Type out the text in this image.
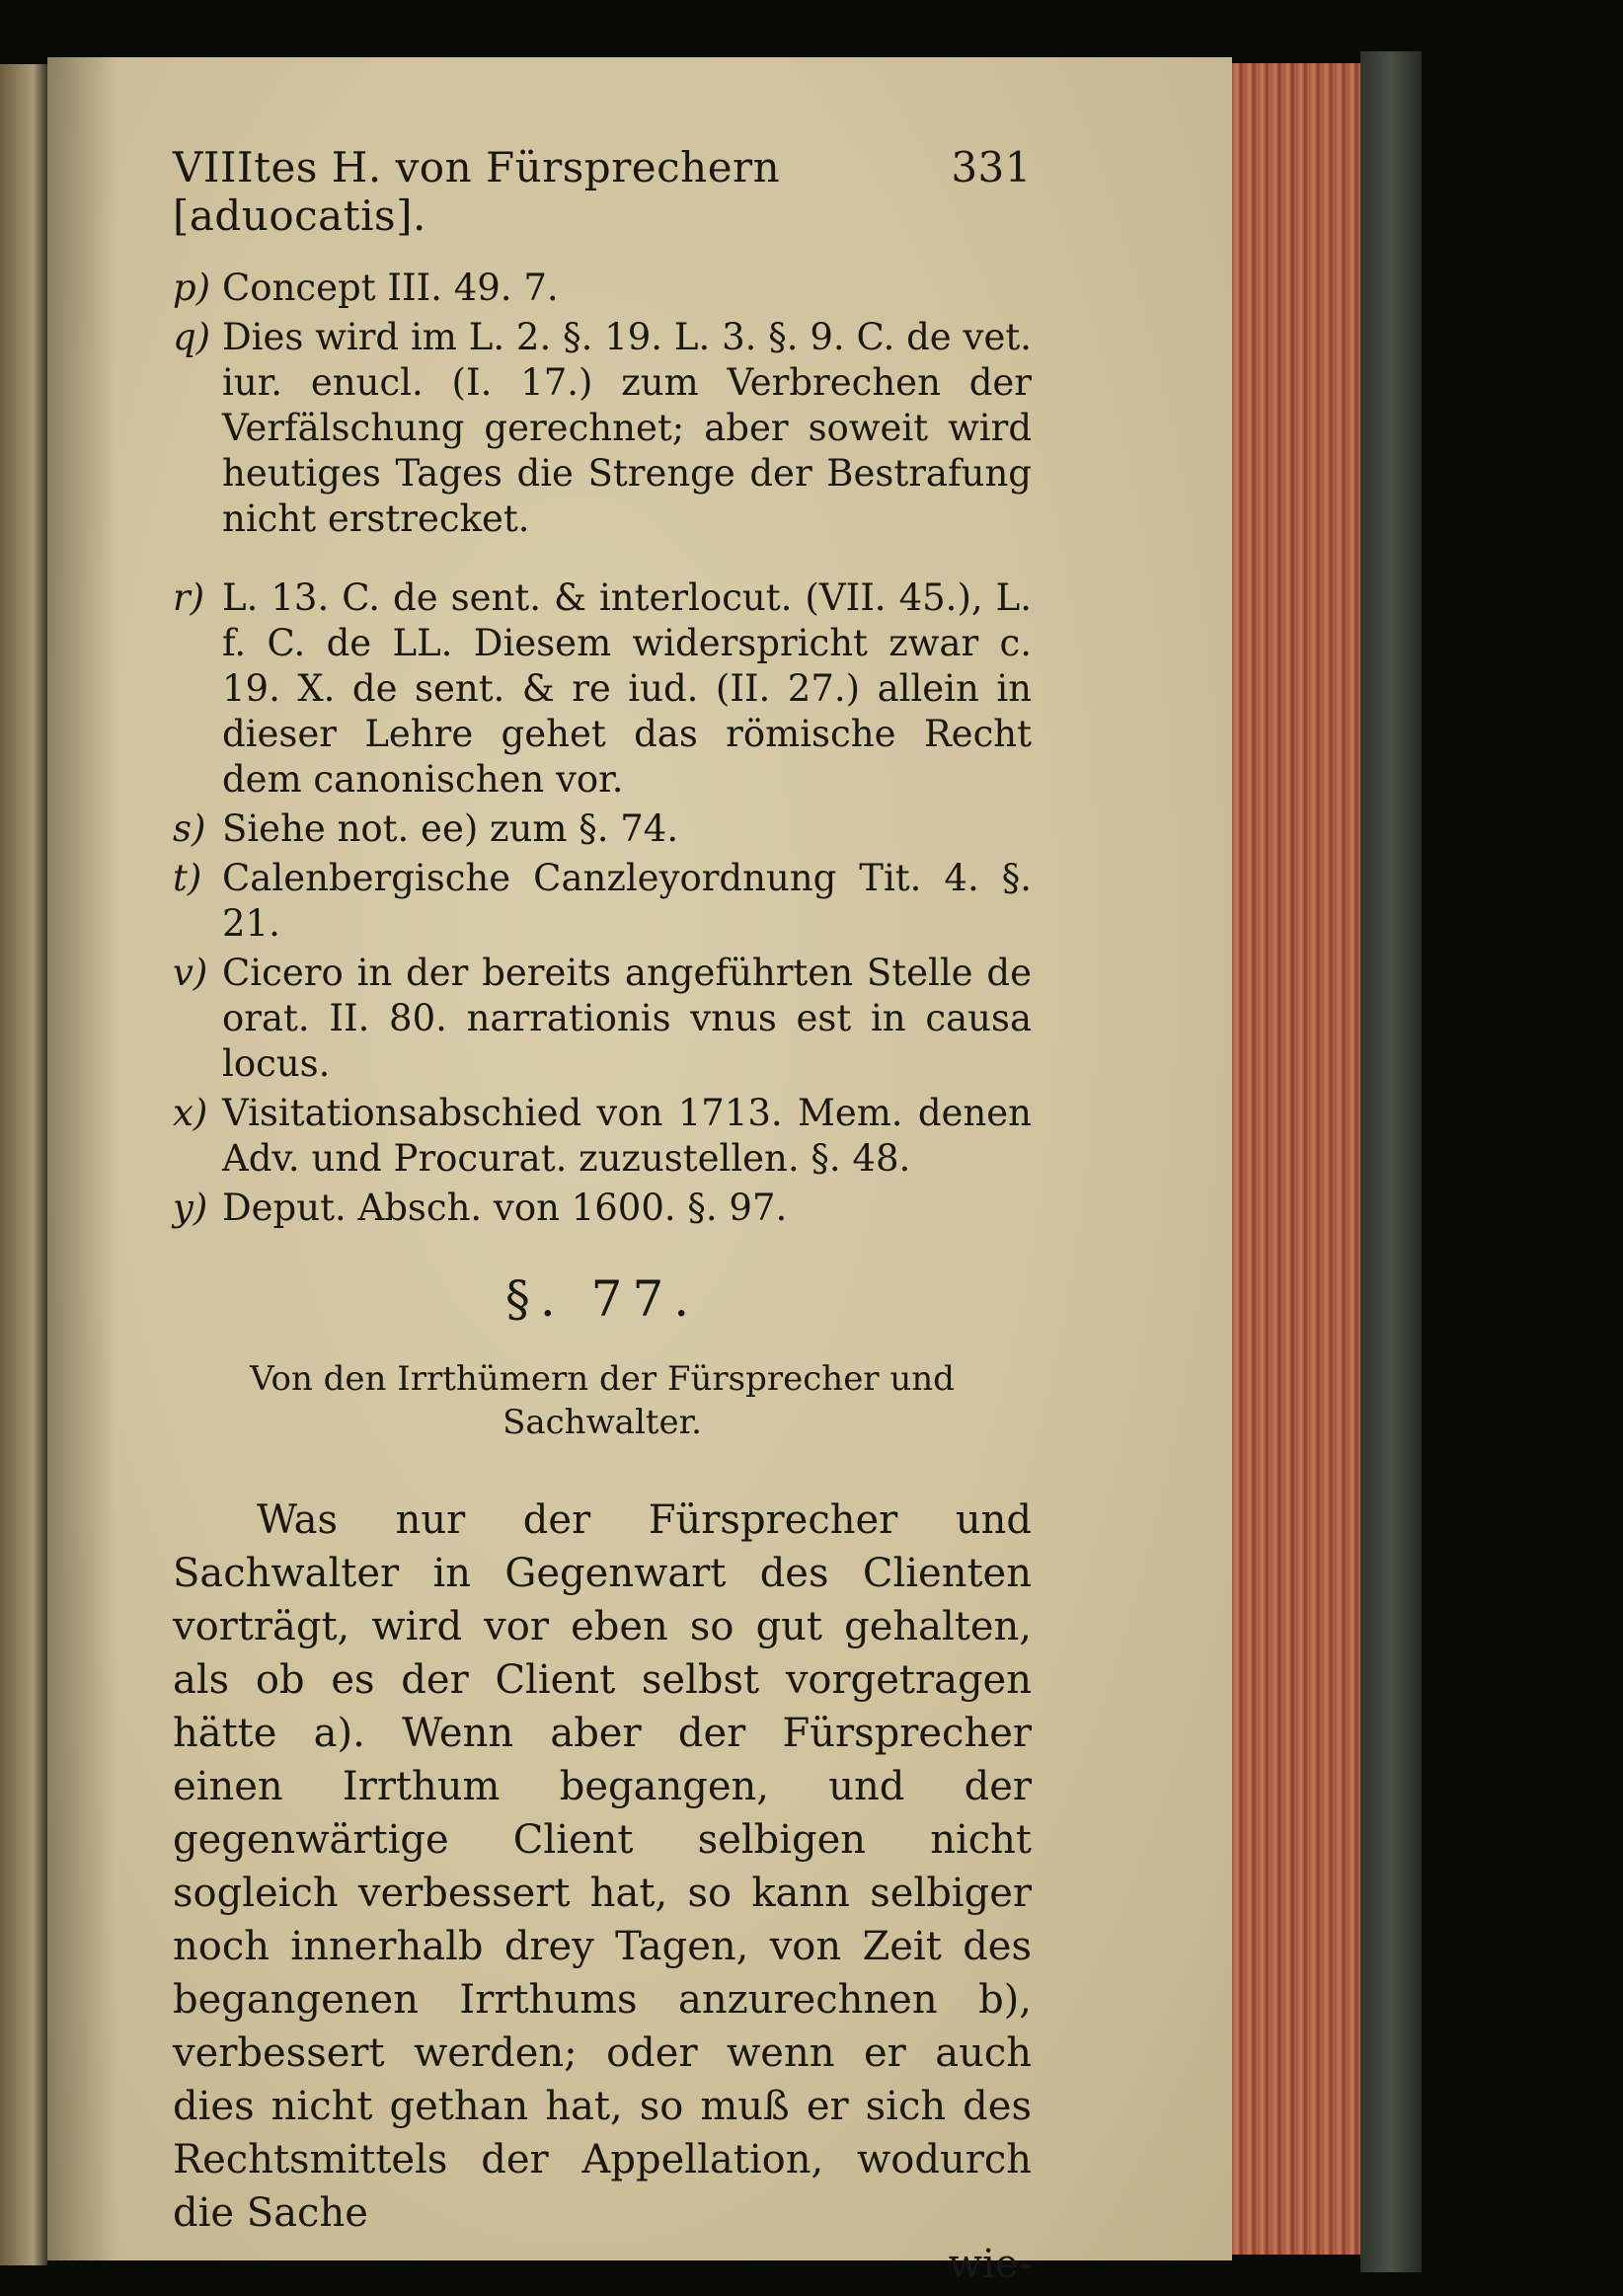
VIIItes H. von Fürsprechern [aduocatis].
331
p) Concept III. 49. 7.
q) Dies wird im L. 2. §. 19. L. 3. §. 9. C. de vet. iur. enucl. (I. 17.) zum Verbrechen der Verfälschung gerechnet; aber soweit wird heutiges Tages die Strenge der Bestrafung nicht erstrecket.
r) L. 13. C. de sent. & interlocut. (VII. 45.), L. f. C. de LL. Diesem widerspricht zwar c. 19. X. de sent. & re iud. (II. 27.) allein in dieser Lehre gehet das römische Recht dem canonischen vor.
s) Siehe not. ee) zum §. 74.
t) Calenbergische Canzleyordnung Tit. 4. §. 21.
v) Cicero in der bereits angeführten Stelle de orat. II. 80. narrationis vnus est in causa locus.
x) Visitationsabschied von 1713. Mem. denen Adv. und Procurat. zuzustellen. §. 48.
y) Deput. Absch. von 1600. §. 97.
§. 77.
Von den Irrthümern der Fürsprecher und Sachwalter.
Was nur der Fürsprecher und Sachwalter in Gegenwart des Clienten vorträgt, wird vor eben so gut gehalten, als ob es der Client selbst vorgetragen hätte a). Wenn aber der Fürsprecher einen Irrthum begangen, und der gegenwärtige Client selbigen nicht sogleich verbessert hat, so kann selbiger noch innerhalb drey Tagen, von Zeit des begangenen Irrthums anzurechnen b), verbessert werden; oder wenn er auch dies nicht gethan hat, so muß er sich des Rechtsmittels der Appellation, wodurch die Sache
wie-
